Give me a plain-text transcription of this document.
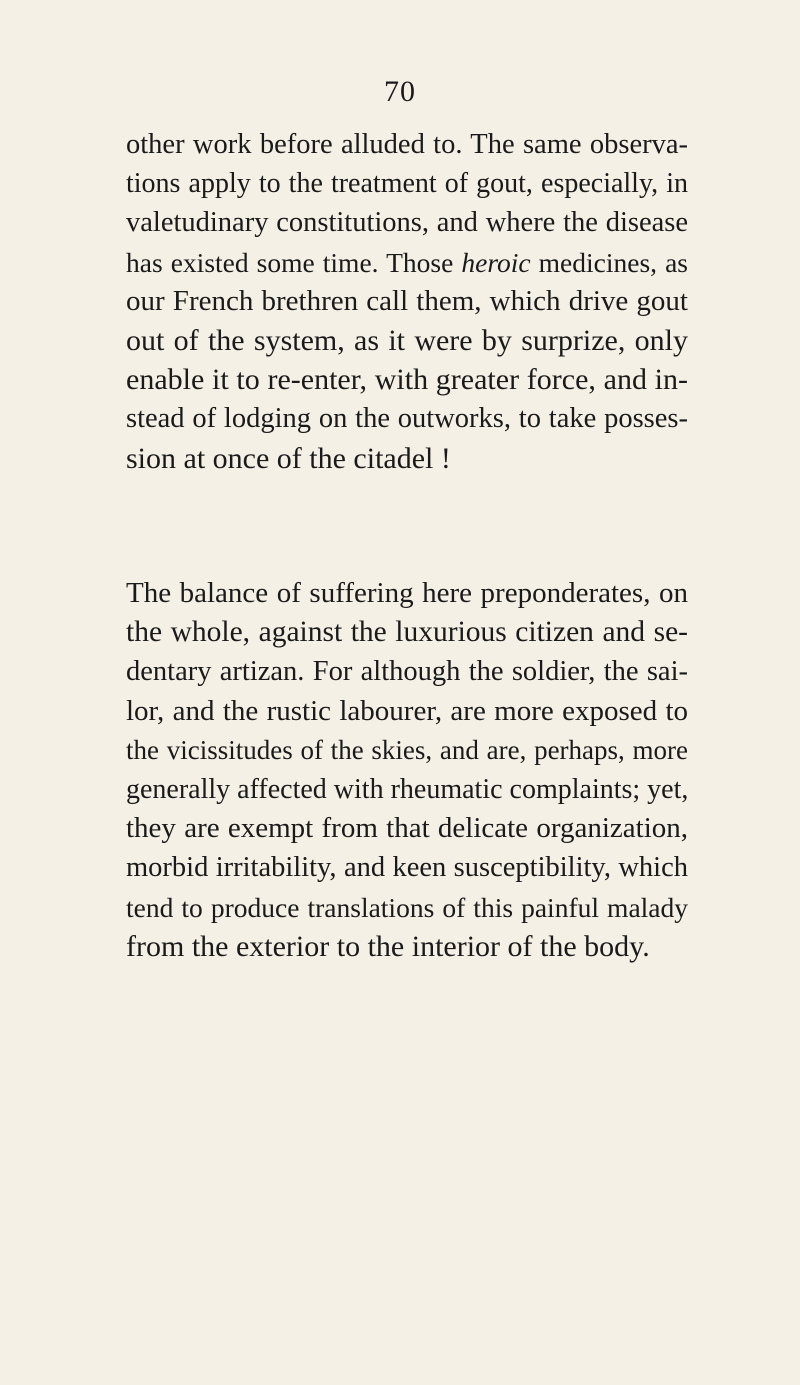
70
other work before alluded to. The same observa-
tions apply to the treatment of gout, especially, in
valetudinary constitutions, and where the disease
has existed some time. Those heroic medicines, as
our French brethren call them, which drive gout
out of the system, as it were by surprize, only
enable it to re-enter, with greater force, and in-
stead of lodging on the outworks, to take posses-
sion at once of the citadel !
The balance of suffering here preponderates, on
the whole, against the luxurious citizen and se-
dentary artizan. For although the soldier, the sai-
lor, and the rustic labourer, are more exposed to
the vicissitudes of the skies, and are, perhaps, more
generally affected with rheumatic complaints; yet,
they are exempt from that delicate organization,
morbid irritability, and keen susceptibility, which
tend to produce translations of this painful malady
from the exterior to the interior of the body.
